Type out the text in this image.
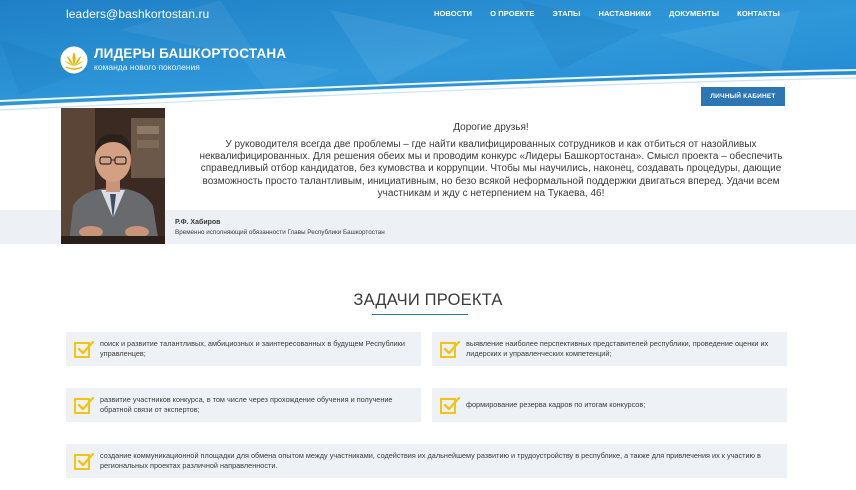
leaders@bashkortostan.ru	НОВОСТИ О ПРОЕКТЕ ЭТАПЫ НАСТАВНИКИ ДОКУМЕНТЫ КОНТАКТЫ
ЛИДЕРЫ БАШКОРТОСТАНА
команда нового поколения
ЛИЧНЫЙ КАБИНЕТ
Дорогие друзья!
У руководителя всегда две проблемы – где найти квалифицированных сотрудников и как отбиться от назойливых неквалифицированных. Для решения обеих мы и проводим конкурс «Лидеры Башкортостана». Смысл проекта – обеспечить справедливый отбор кандидатов, без кумовства и коррупции. Чтобы мы научились, наконец, создавать процедуры, дающие возможность просто талантливым, инициативным, но безо всякой неформальной поддержки двигаться вперед. Удачи всем участникам и жду с нетерпением на Тукаева, 46!
Р.Ф. Хабиров
Временно исполняющий обязанности Главы Республики Башкортостан
ЗАДАЧИ ПРОЕКТА
поиск и развитие талантливых, амбициозных и заинтересованных в будущем Республики управленцев;
выявление наиболее перспективных представителей республики, проведение оценки их лидерских и управленческих компетенций;
развитие участников конкурса, в том числе через прохождение обучения и получение обратной связи от экспертов;
формирование резерва кадров по итогам конкурсов;
создание коммуникационной площадки для обмена опытом между участниками, содействия их дальнейшему развитию и трудоустройству в республике, а также для привлечения их к участию в региональных проектах различной направленности.
